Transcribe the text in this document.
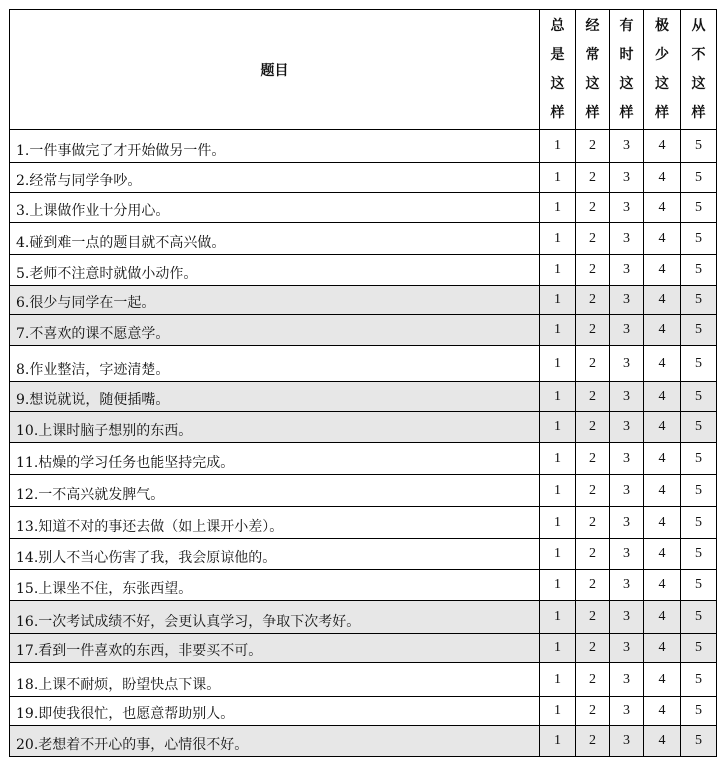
题目	总是这样	经常这样	有时这样	极少这样	从不这样
1.一件事做完了才开始做另一件。	1	2	3	4	5
2.经常与同学争吵。	1	2	3	4	5
3.上课做作业十分用心。	1	2	3	4	5
4.碰到难一点的题目就不高兴做。	1	2	3	4	5
5.老师不注意时就做小动作。	1	2	3	4	5
6.很少与同学在一起。	1	2	3	4	5
7.不喜欢的课不愿意学。	1	2	3	4	5
8.作业整洁，字迹清楚。	1	2	3	4	5
9.想说就说，随便插嘴。	1	2	3	4	5
10.上课时脑子想别的东西。	1	2	3	4	5
11.枯燥的学习任务也能坚持完成。	1	2	3	4	5
12.一不高兴就发脾气。	1	2	3	4	5
13.知道不对的事还去做（如上课开小差）。	1	2	3	4	5
14.别人不当心伤害了我，我会原谅他的。	1	2	3	4	5
15.上课坐不住，东张西望。	1	2	3	4	5
16.一次考试成绩不好，会更认真学习，争取下次考好。	1	2	3	4	5
17.看到一件喜欢的东西，非要买不可。	1	2	3	4	5
18.上课不耐烦，盼望快点下课。	1	2	3	4	5
19.即使我很忙，也愿意帮助别人。	1	2	3	4	5
20.老想着不开心的事，心情很不好。	1	2	3	4	5
